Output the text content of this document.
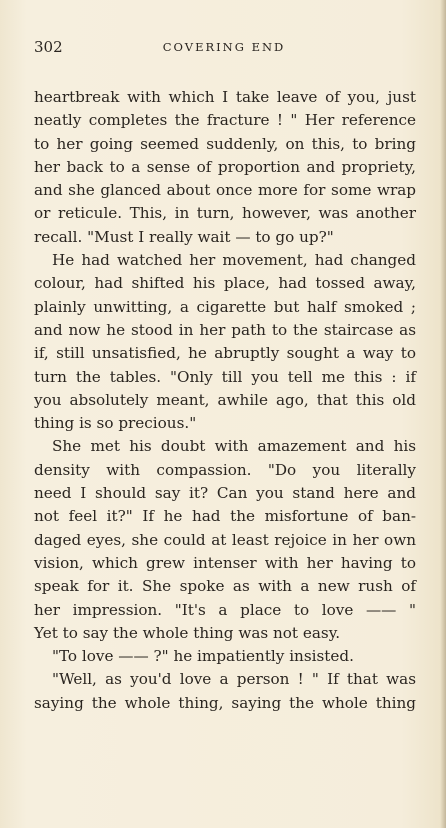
302	COVERING END
heartbreak with which I take leave of you, just
neatly completes the fracture ! " Her reference
to her going seemed suddenly, on this, to bring
her back to a sense of proportion and propriety,
and she glanced about once more for some wrap
or reticule. This, in turn, however, was another
recall. "Must I really wait — to go up?"
He had watched her movement, had changed
colour, had shifted his place, had tossed away,
plainly unwitting, a cigarette but half smoked ;
and now he stood in her path to the staircase as
if, still unsatisfied, he abruptly sought a way to
turn the tables. "Only till you tell me this : if
you absolutely meant, awhile ago, that this old
thing is so precious."
She met his doubt with amazement and his
density with compassion. "Do you literally
need I should say it? Can you stand here and
not feel it?" If he had the misfortune of ban-
daged eyes, she could at least rejoice in her own
vision, which grew intenser with her having to
speak for it. She spoke as with a new rush of
her impression. "It's a place to love —— "
Yet to say the whole thing was not easy.
"To love —— ?" he impatiently insisted.
"Well, as you'd love a person ! " If that was
saying the whole thing, saying the whole thing
